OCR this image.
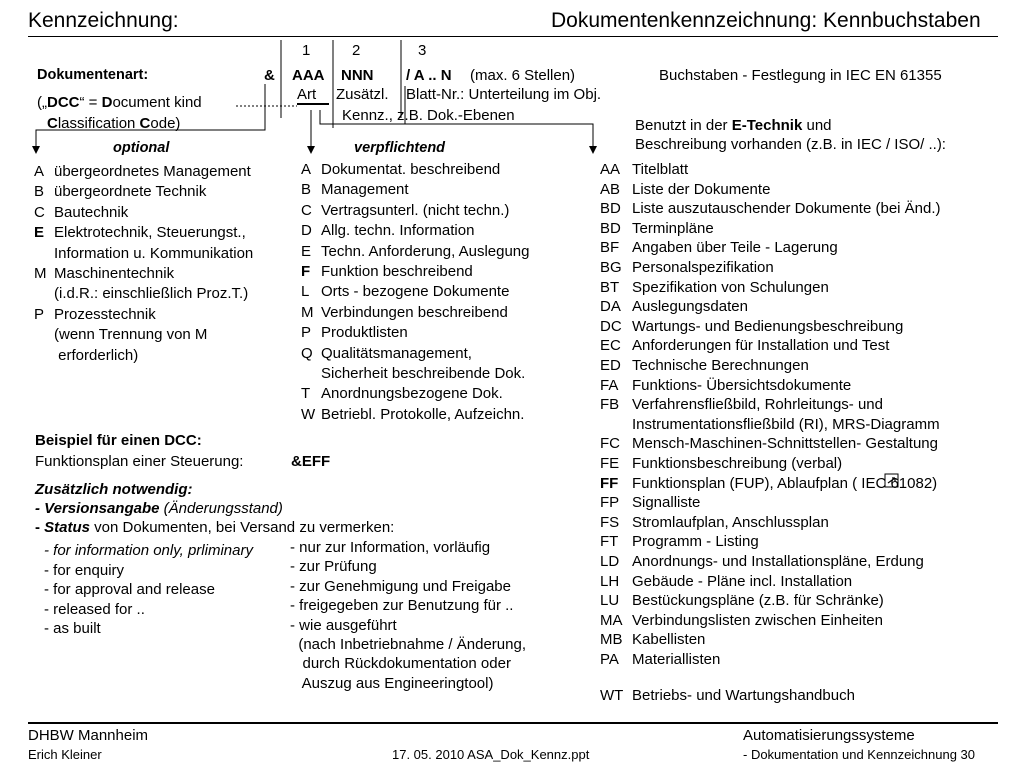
Kennzeichnung:	Dokumentenkennzeichnung: Kennbuchstaben
1	2	3
Dokumentenart:	& AAA NNN / A .. N (max. 6 Stellen)	Buchstaben - Festlegung in IEC EN 61355
Art Zusätzl. Blatt-Nr.: Unterteilung im Obj.
Kennz., z.B. Dok.-Ebenen
(„DCC“ = Document kind
Classification Code)	Benutzt in der E-Technik und
Beschreibung vorhanden (z.B. in IEC / ISO/ ..):
optional	verpflichtend
A übergeordnetes Management
B übergeordnete Technik
C Bautechnik
E Elektrotechnik, Steuerungst.,
Information u. Kommunikation
M Maschinentechnik
(i.d.R.: einschließlich Proz.T.)
P Prozesstechnik
(wenn Trennung von M
erforderlich)
A Dokumentat. beschreibend
B Management
C Vertragsunterl. (nicht techn.)
D Allg. techn. Information
E Techn. Anforderung, Auslegung
F Funktion beschreibend
L Orts - bezogene Dokumente
M Verbindungen beschreibend
P Produktlisten
Q Qualitätsmanagement,
Sicherheit beschreibende Dok.
T Anordnungsbezogene Dok.
W Betriebl. Protokolle, Aufzeichn.
AA Titelblatt
AB Liste der Dokumente
BD Liste auszutauschender Dokumente (bei Änd.)
BD Terminpläne
BF Angaben über Teile - Lagerung
BG Personalspezifikation
BT Spezifikation von Schulungen
DA Auslegungsdaten
DC Wartungs- und Bedienungsbeschreibung
EC Anforderungen für Installation und Test
ED Technische Berechnungen
FA Funktions- Übersichtsdokumente
FB Verfahrensfließbild, Rohrleitungs- und
Instrumentationsfließbild (RI), MRS-Diagramm
FC Mensch-Maschinen-Schnittstellen- Gestaltung
FE Funktionsbeschreibung (verbal)
FF Funktionsplan (FUP), Ablaufplan ( IEC 61082)
FP Signalliste
FS Stromlaufplan, Anschlussplan
FT Programm - Listing
LD Anordnungs- und Installationspläne, Erdung
LH Gebäude - Pläne incl. Installation
LU Bestückungspläne (z.B. für Schränke)
MA Verbindungslisten zwischen Einheiten
MB Kabellisten
PA Materiallisten
WT Betriebs- und Wartungshandbuch
Beispiel für einen DCC:
Funktionsplan einer Steuerung:	&EFF
Zusätzlich notwendig:
- Versionsangabe (Änderungsstand)
- Status von Dokumenten, bei Versand zu vermerken:
- for information only, prliminary
- for enquiry
- for approval and release
- released for ..
- as built
- nur zur Information, vorläufig
- zur Prüfung
- zur Genehmigung und Freigabe
- freigegeben zur Benutzung für ..
- wie ausgeführt
(nach Inbetriebnahme / Änderung,
durch Rückdokumentation oder
Auszug aus Engineeringtool)
DHBW Mannheim
Erich Kleiner	17. 05. 2010 ASA_Dok_Kennz.ppt
Automatisierungssysteme
- Dokumentation und Kennzeichnung 30
